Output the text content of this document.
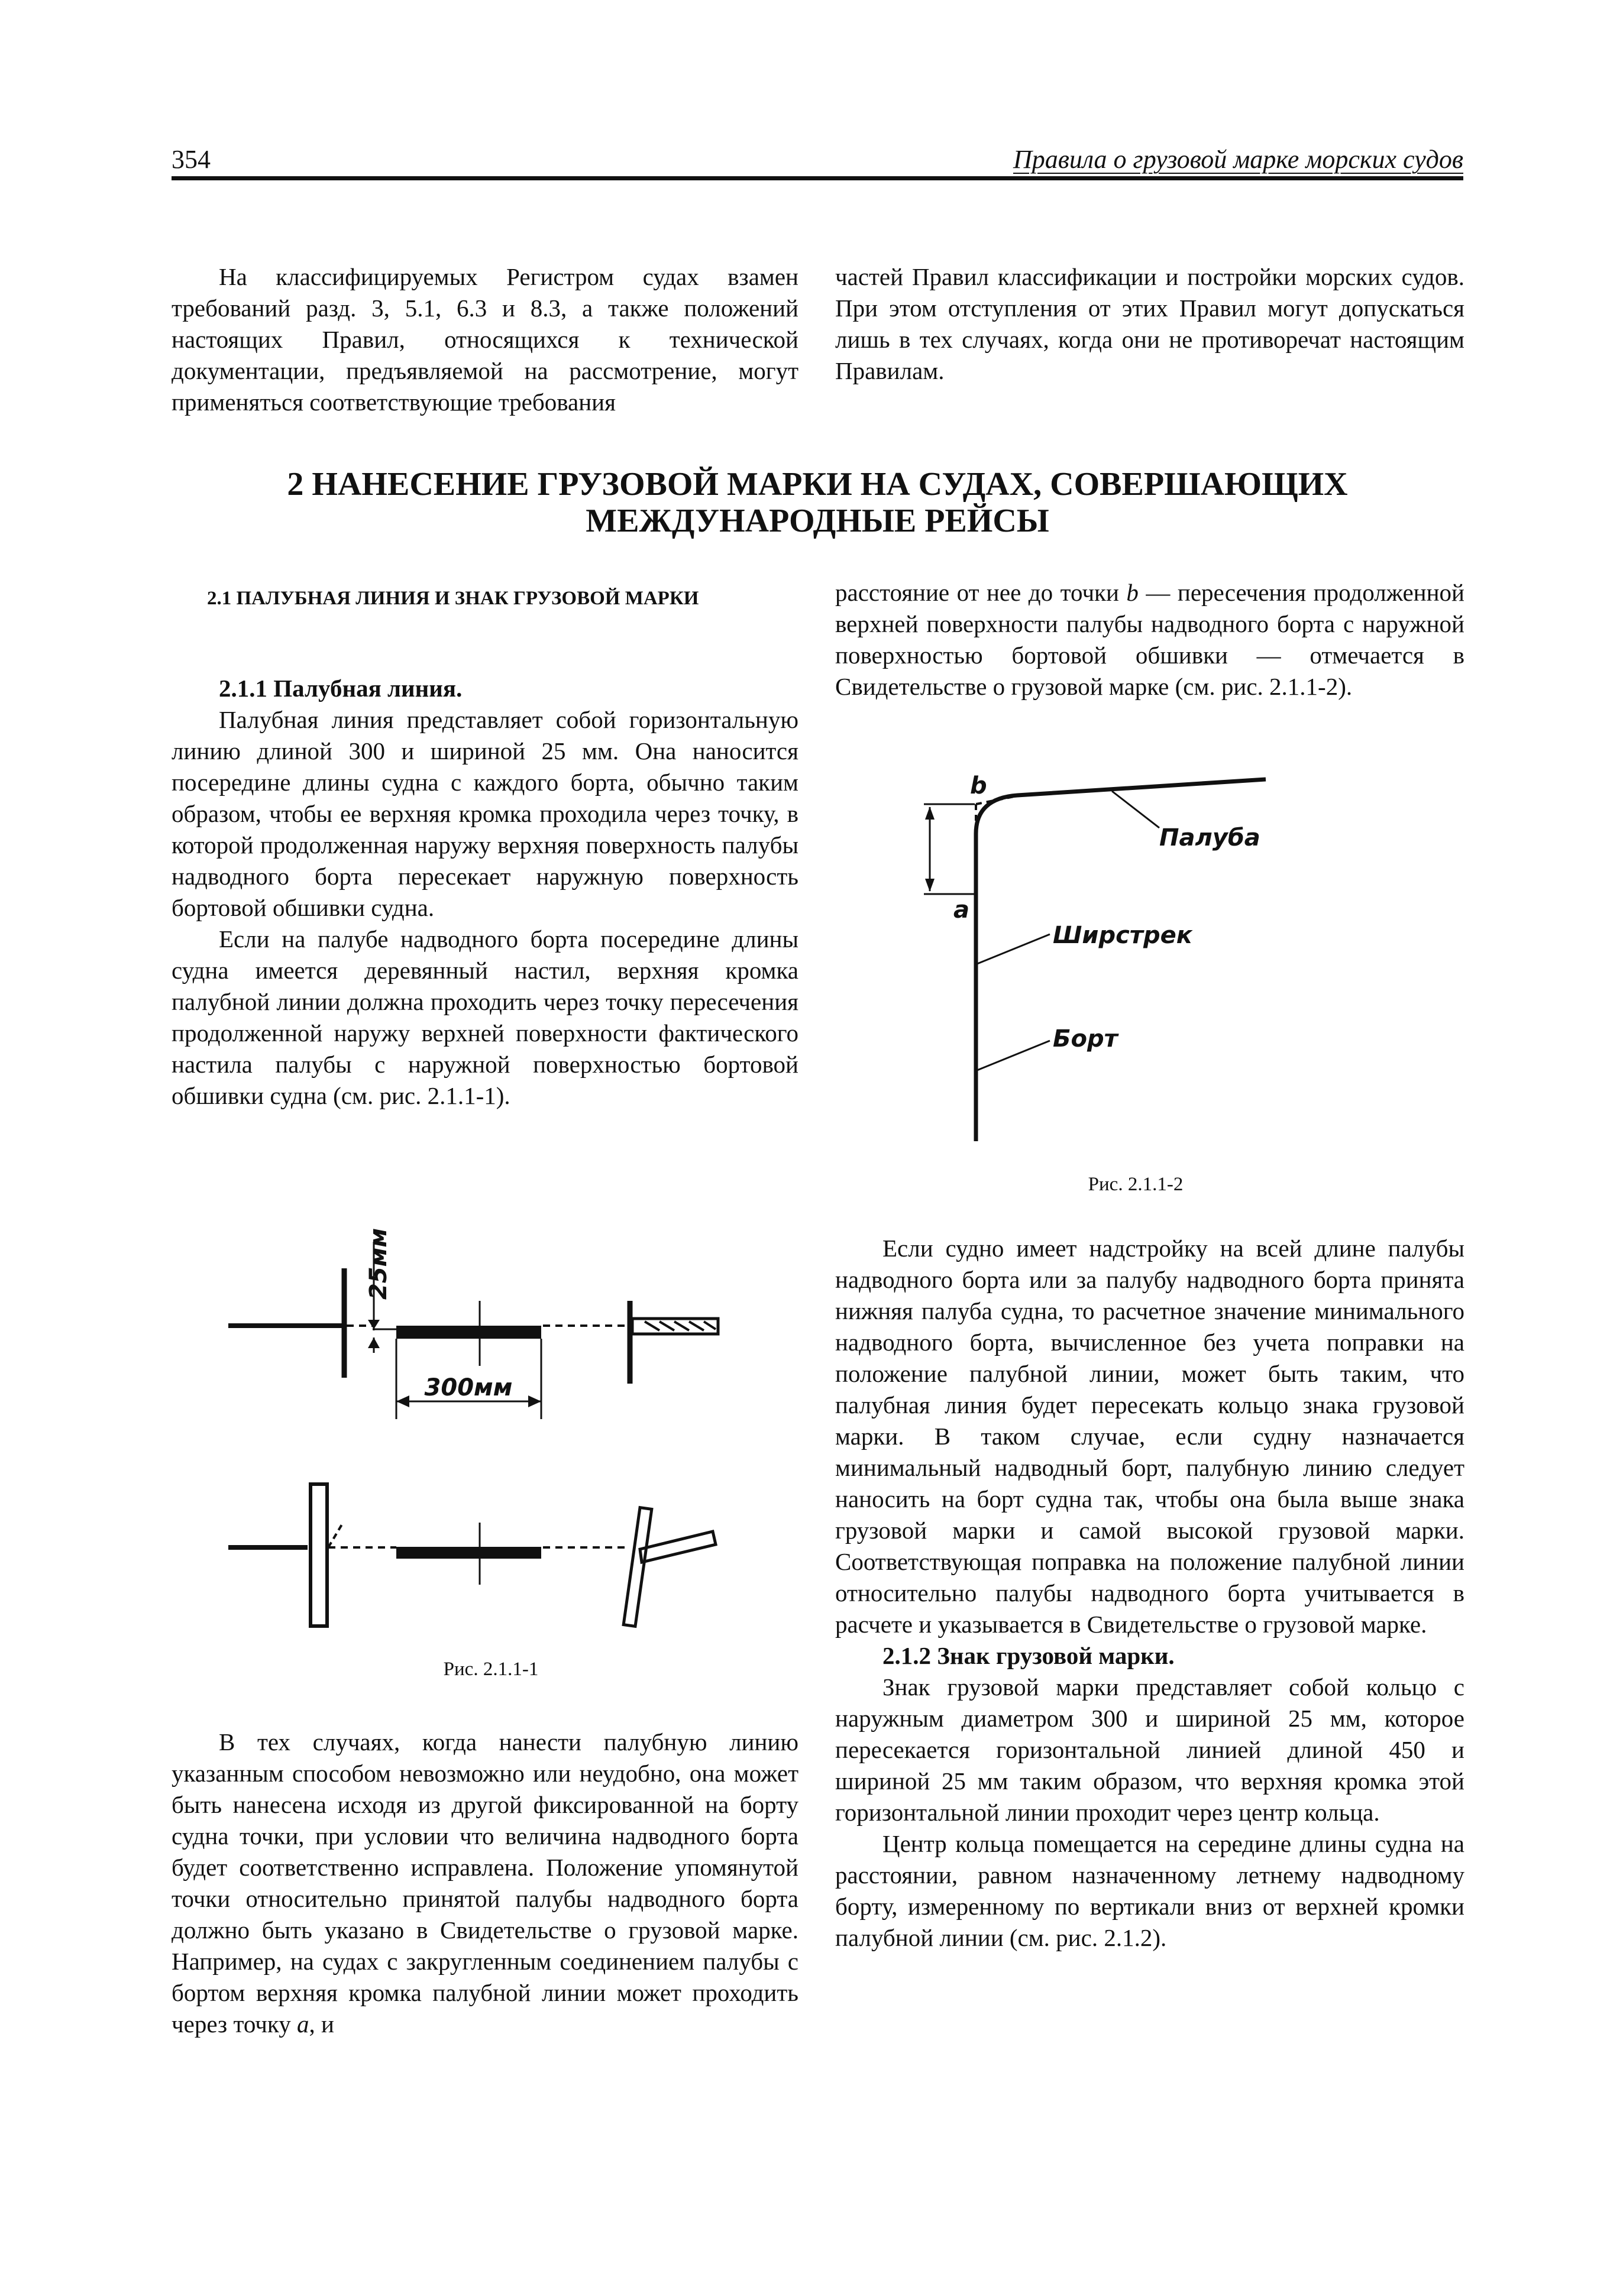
354	Правила о грузовой марке морских судов

На классифицируемых Регистром судах взамен требований разд. 3, 5.1, 6.3 и 8.3, а также положений настоящих Правил, относящихся к технической документации, предъявляемой на рассмотрение, могут применяться соответствующие требования

частей Правил классификации и постройки морских судов. При этом отступления от этих Правил могут допускаться лишь в тех случаях, когда они не противоречат настоящим Правилам.

2 НАНЕСЕНИЕ ГРУЗОВОЙ МАРКИ НА СУДАХ, СОВЕРШАЮЩИХ
МЕЖДУНАРОДНЫЕ РЕЙСЫ
2.1 ПАЛУБНАЯ ЛИНИЯ И ЗНАК ГРУЗОВОЙ МАРКИ

2.1.1 Палубная линия.

Палубная линия представляет собой горизонтальную линию длиной 300 и шириной 25 мм. Она наносится посередине длины судна с каждого борта, обычно таким образом, чтобы ее верхняя кромка проходила через точку, в которой продолженная наружу верхняя поверхность палубы надводного борта пересекает наружную поверхность бортовой обшивки судна.

Если на палубе надводного борта посередине длины судна имеется деревянный настил, верхняя кромка палубной линии должна проходить через точку пересечения продолженной наружу верхней поверхности фактического настила палубы с наружной поверхностью бортовой обшивки судна (см. рис. 2.1.1-1).

25мм
300мм
Рис. 2.1.1-1

В тех случаях, когда нанести палубную линию указанным способом невозможно или неудобно, она может быть нанесена исходя из другой фиксированной на борту судна точки, при условии что величина надводного борта будет соответственно исправлена. Положение упомянутой точки относительно принятой палубы надводного борта должно быть указано в Свидетельстве о грузовой марке. Например, на судах с закругленным соединением палубы с бортом верхняя кромка палубной линии может проходить через точку a, и

расстояние от нее до точки b — пересечения продолженной верхней поверхности палубы надводного борта с наружной поверхностью бортовой обшивки — отмечается в Свидетельстве о грузовой марке (см. рис. 2.1.1-2).

b
a
Палуба
Ширстрек
Борт
Рис. 2.1.1-2

Если судно имеет надстройку на всей длине палубы надводного борта или за палубу надводного борта принята нижняя палуба судна, то расчетное значение минимального надводного борта, вычисленное без учета поправки на положение палубной линии, может быть таким, что палубная линия будет пересекать кольцо знака грузовой марки. В таком случае, если судну назначается минимальный надводный борт, палубную линию следует наносить на борт судна так, чтобы она была выше знака грузовой марки и самой высокой грузовой марки. Соответствующая поправка на положение палубной линии относительно палубы надводного борта учитывается в расчете и указывается в Свидетельстве о грузовой марке.

2.1.2 Знак грузовой марки.

Знак грузовой марки представляет собой кольцо с наружным диаметром 300 и шириной 25 мм, которое пересекается горизонтальной линией длиной 450 и шириной 25 мм таким образом, что верхняя кромка этой горизонтальной линии проходит через центр кольца.

Центр кольца помещается на середине длины судна на расстоянии, равном назначенному летнему надводному борту, измеренному по вертикали вниз от верхней кромки палубной линии (см. рис. 2.1.2).
